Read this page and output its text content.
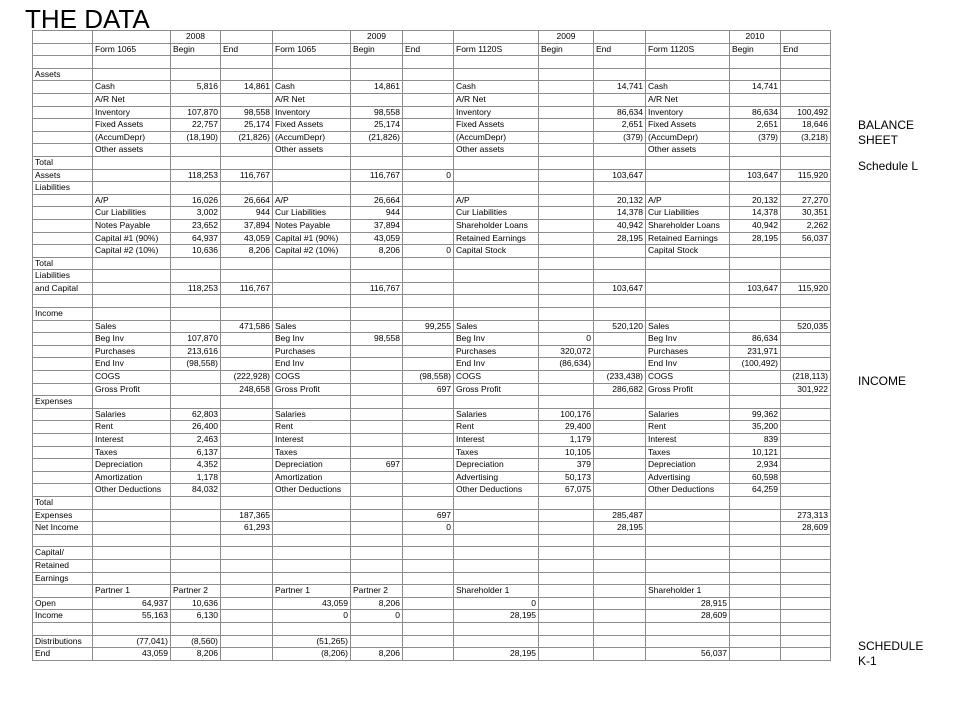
THE DATA
BALANCE
SHEET
Schedule L
INCOME
SCHEDULE
K-1
		2008			2009			2009			2010	
	Form 1065	Begin	End	Form 1065	Begin	End	Form 1120S	Begin	End	Form 1120S	Begin	End

Assets												
	Cash	5,816	14,861	Cash	14,861		Cash		14,741	Cash	14,741	
	A/R Net			A/R Net			A/R Net			A/R Net		
	Inventory	107,870	98,558	Inventory	98,558		Inventory		86,634	Inventory	86,634	100,492
	Fixed Assets	22,757	25,174	Fixed Assets	25,174		Fixed Assets		2,651	Fixed Assets	2,651	18,646
	(AccumDepr)	(18,190)	(21,826)	(AccumDepr)	(21,826)		(AccumDepr)		(379)	(AccumDepr)	(379)	(3,218)
	Other assets			Other assets			Other assets			Other assets		
Total												
Assets		118,253	116,767		116,767	0			103,647		103,647	115,920
Liabilities												
	A/P	16,026	26,664	A/P	26,664		A/P		20,132	A/P	20,132	27,270
	Cur Liabilities	3,002	944	Cur Liabilities	944		Cur Liabilities		14,378	Cur Liabilities	14,378	30,351
	Notes Payable	23,652	37,894	Notes Payable	37,894		Shareholder Loans		40,942	Shareholder Loans	40,942	2,262
	Capital #1 (90%)	64,937	43,059	Capital #1 (90%)	43,059		Retained Earnings		28,195	Retained Earnings	28,195	56,037
	Capital #2 (10%)	10,636	8,206	Capital #2 (10%)	8,206	0	Capital Stock			Capital Stock		
Total												
Liabilities												
and Capital		118,253	116,767		116,767				103,647		103,647	115,920

Income												
	Sales		471,586	Sales		99,255	Sales		520,120	Sales		520,035
	Beg Inv	107,870		Beg Inv	98,558		Beg Inv	0		Beg Inv	86,634	
	Purchases	213,616		Purchases			Purchases	320,072		Purchases	231,971	
	End Inv	(98,558)		End Inv			End Inv	(86,634)		End Inv	(100,492)	
	COGS		(222,928)	COGS		(98,558)	COGS		(233,438)	COGS		(218,113)
	Gross Profit		248,658	Gross Profit		697	Gross Profit		286,682	Gross Profit		301,922
Expenses												
	Salaries	62,803		Salaries			Salaries	100,176		Salaries	99,362	
	Rent	26,400		Rent			Rent	29,400		Rent	35,200	
	Interest	2,463		Interest			Interest	1,179		Interest	839	
	Taxes	6,137		Taxes			Taxes	10,105		Taxes	10,121	
	Depreciation	4,352		Depreciation	697		Depreciation	379		Depreciation	2,934	
	Amortization	1,178		Amortization			Advertising	50,173		Advertising	60,598	
	Other Deductions	84,032		Other Deductions			Other Deductions	67,075		Other Deductions	64,259	
Total												
Expenses			187,365			697			285,487			273,313
Net Income			61,293			0			28,195			28,609

Capital/												
Retained												
Earnings												
	Partner 1	Partner 2		Partner 1	Partner 2		Shareholder 1			Shareholder 1		
Open	64,937	10,636		43,059	8,206		0			28,915		
Income	55,163	6,130		0	0		28,195			28,609		

Distributions	(77,041)	(8,560)		(51,265)								
End	43,059	8,206		(8,206)	8,206		28,195			56,037		
